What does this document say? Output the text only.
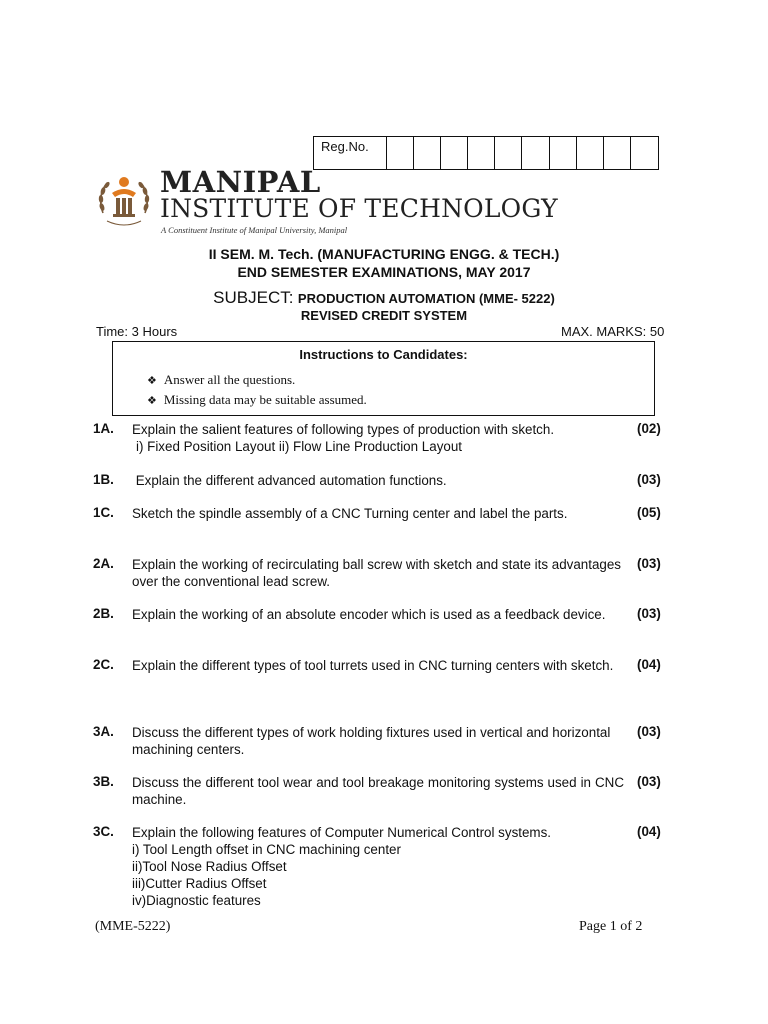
Reg.No.
MANIPAL
INSTITUTE OF TECHNOLOGY
A Constituent Institute of Manipal University, Manipal
II SEM. M. Tech. (MANUFACTURING ENGG. & TECH.)
END SEMESTER EXAMINATIONS, MAY 2017
SUBJECT: PRODUCTION AUTOMATION (MME- 5222)
REVISED CREDIT SYSTEM
Time: 3 Hours	MAX. MARKS: 50
Instructions to Candidates:
❖ Answer all the questions.
❖ Missing data may be suitable assumed.
1A. Explain the salient features of following types of production with sketch.
i) Fixed Position Layout ii) Flow Line Production Layout
(02)
1B. Explain the different advanced automation functions.	(03)
1C. Sketch the spindle assembly of a CNC Turning center and label the parts.	(05)
2A. Explain the working of recirculating ball screw with sketch and state its advantages over the conventional lead screw.
(03)
2B. Explain the working of an absolute encoder which is used as a feedback device.	(03)
2C. Explain the different types of tool turrets used in CNC turning centers with sketch.	(04)
3A. Discuss the different types of work holding fixtures used in vertical and horizontal machining centers.
(03)
3B. Discuss the different tool wear and tool breakage monitoring systems used in CNC machine.
(03)
3C. Explain the following features of Computer Numerical Control systems.
i) Tool Length offset in CNC machining center
ii)Tool Nose Radius Offset
iii)Cutter Radius Offset
iv)Diagnostic features
(04)
(MME-5222)	Page 1 of 2
